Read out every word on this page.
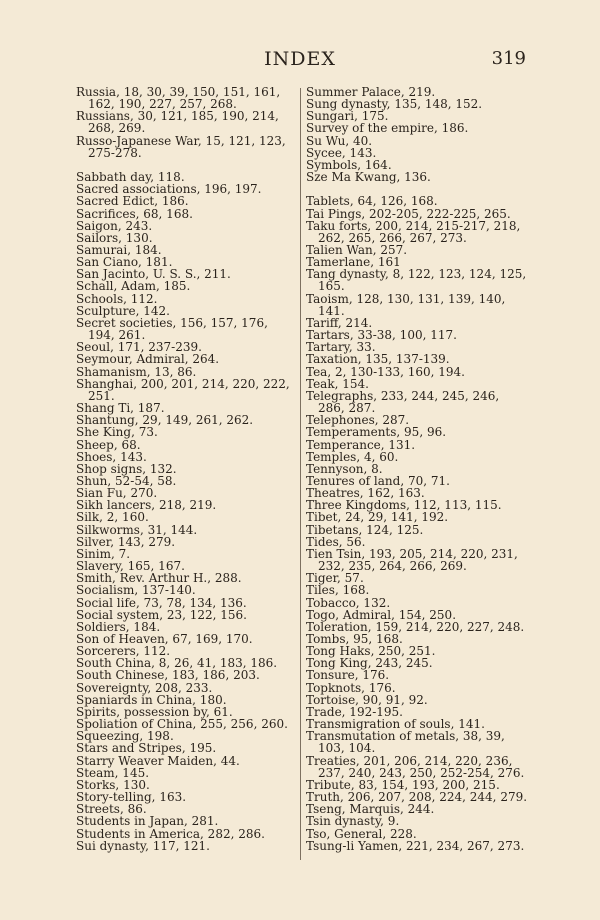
INDEX	319

Russia, 18, 30, 39, 150, 151, 161, 162, 190, 227, 257, 268.

Russians, 30, 121, 185, 190, 214, 268, 269.

Russo-Japanese War, 15, 121, 123, 275-278.

Sabbath day, 118.

Sacred associations, 196, 197.

Sacred Edict, 186.

Sacrifices, 68, 168.

Saigon, 243.

Sailors, 130.

Samurai, 184.

San Ciano, 181.

San Jacinto, U. S. S., 211.

Schall, Adam, 185.

Schools, 112.

Sculpture, 142.

Secret societies, 156, 157, 176, 194, 261.

Seoul, 171, 237-239.

Seymour, Admiral, 264.

Shamanism, 13, 86.

Shanghai, 200, 201, 214, 220, 222, 251.

Shang Ti, 187.

Shantung, 29, 149, 261, 262.

She King, 73.

Sheep, 68.

Shoes, 143.

Shop signs, 132.

Shun, 52-54, 58.

Sian Fu, 270.

Sikh lancers, 218, 219.

Silk, 2, 160.

Silkworms, 31, 144.

Silver, 143, 279.

Sinim, 7.

Slavery, 165, 167.

Smith, Rev. Arthur H., 288.

Socialism, 137-140.

Social life, 73, 78, 134, 136.

Social system, 23, 122, 156.

Soldiers, 184.

Son of Heaven, 67, 169, 170.

Sorcerers, 112.

South China, 8, 26, 41, 183, 186.

South Chinese, 183, 186, 203.

Sovereignty, 208, 233.

Spaniards in China, 180.

Spirits, possession by, 61.

Spoliation of China, 255, 256, 260.

Squeezing, 198.

Stars and Stripes, 195.

Starry Weaver Maiden, 44.

Steam, 145.

Storks, 130.

Story-telling, 163.

Streets, 86.

Students in Japan, 281.

Students in America, 282, 286.

Sui dynasty, 117, 121.

Summer Palace, 219.

Sung dynasty, 135, 148, 152.

Sungari, 175.

Survey of the empire, 186.

Su Wu, 40.

Sycee, 143.

Symbols, 164.

Sze Ma Kwang, 136.

Tablets, 64, 126, 168.

Tai Pings, 202-205, 222-225, 265.

Taku forts, 200, 214, 215-217, 218, 262, 265, 266, 267, 273.

Talien Wan, 257.

Tamerlane, 161

Tang dynasty, 8, 122, 123, 124, 125, 165.

Taoism, 128, 130, 131, 139, 140, 141.

Tariff, 214.

Tartars, 33-38, 100, 117.

Tartary, 33.

Taxation, 135, 137-139.

Tea, 2, 130-133, 160, 194.

Teak, 154.

Telegraphs, 233, 244, 245, 246, 286, 287.

Telephones, 287.

Temperaments, 95, 96.

Temperance, 131.

Temples, 4, 60.

Tennyson, 8.

Tenures of land, 70, 71.

Theatres, 162, 163.

Three Kingdoms, 112, 113, 115.

Tibet, 24, 29, 141, 192.

Tibetans, 124, 125.

Tides, 56.

Tien Tsin, 193, 205, 214, 220, 231, 232, 235, 264, 266, 269.

Tiger, 57.

Tiles, 168.

Tobacco, 132.

Togo, Admiral, 154, 250.

Toleration, 159, 214, 220, 227, 248.

Tombs, 95, 168.

Tong Haks, 250, 251.

Tong King, 243, 245.

Tonsure, 176.

Topknots, 176.

Tortoise, 90, 91, 92.

Trade, 192-195.

Transmigration of souls, 141.

Transmutation of metals, 38, 39, 103, 104.

Treaties, 201, 206, 214, 220, 236, 237, 240, 243, 250, 252-254, 276.

Tribute, 83, 154, 193, 200, 215.

Truth, 206, 207, 208, 224, 244, 279.

Tseng, Marquis, 244.

Tsin dynasty, 9.

Tso, General, 228.

Tsung-li Yamen, 221, 234, 267, 273.
